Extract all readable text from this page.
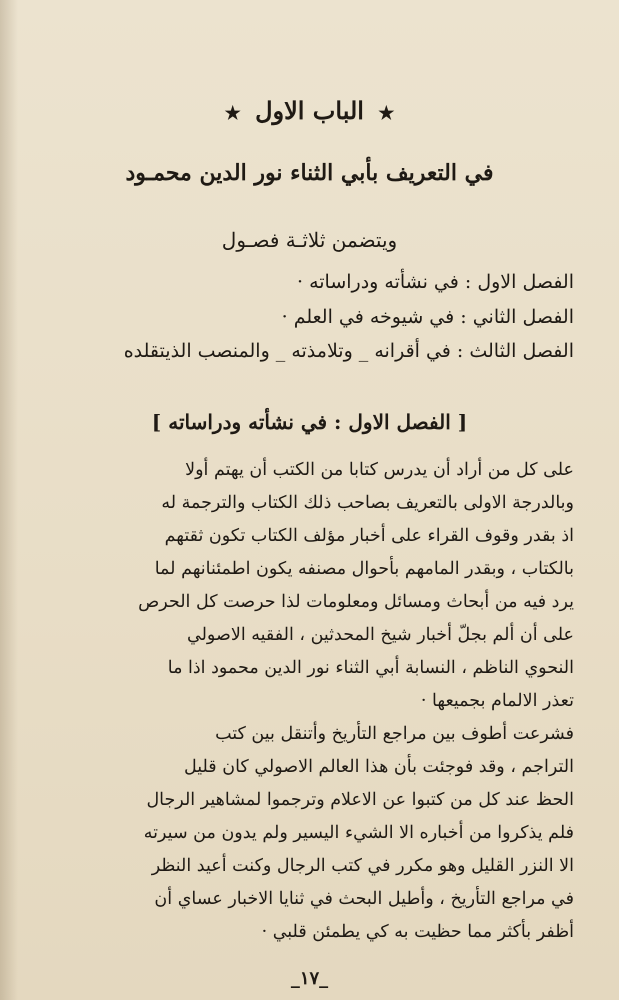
★ الباب الاول ★
في التعريف بأبي الثناء نور الدين محمـود
ويتضمن ثلاثـة فصـول
الفصل الاول : في نشأته ودراساته ·
الفصل الثاني : في شيوخه في العلم ·
الفصل الثالث : في أقرانه _ وتلامذته _ والمنصب الذيتقلده
[ الفصل الاول : في نشأته ودراساته ]
على كل من أراد أن يدرس كتابا من الكتب أن يهتم أولا
وبالدرجة الاولى بالتعريف بصاحب ذلك الكتاب والترجمة له
اذ بقدر وقوف القراء على أخبار مؤلف الكتاب تكون ثقتهم
بالكتاب ، وبقدر المامهم بأحوال مصنفه يكون اطمئنانهم لما
يرد فيه من أبحاث ومسائل ومعلومات لذا حرصت كل الحرص
على أن ألم بجلّ أخبار شيخ المحدثين ، الفقيه الاصولي
النحوي الناظم ، النسابة أبي الثناء نور الدين محمود اذا ما
تعذر الالمام بجميعها ·
فشرعت أطوف بين مراجع التأريخ وأتنقل بين كتب
التراجم ، وقد فوجئت بأن هذا العالم الاصولي كان قليل
الحظ عند كل من كتبوا عن الاعلام وترجموا لمشاهير الرجال
فلم يذكروا من أخباره الا الشيء اليسير ولم يدون من سيرته
الا النزر القليل وهو مكرر في كتب الرجال وكنت أعيد النظر
في مراجع التأريخ ، وأطيل البحث في ثنايا الاخبار عساي أن
أظفر بأكثر مما حظيت به كي يطمئن قلبي ·
_١٧_
